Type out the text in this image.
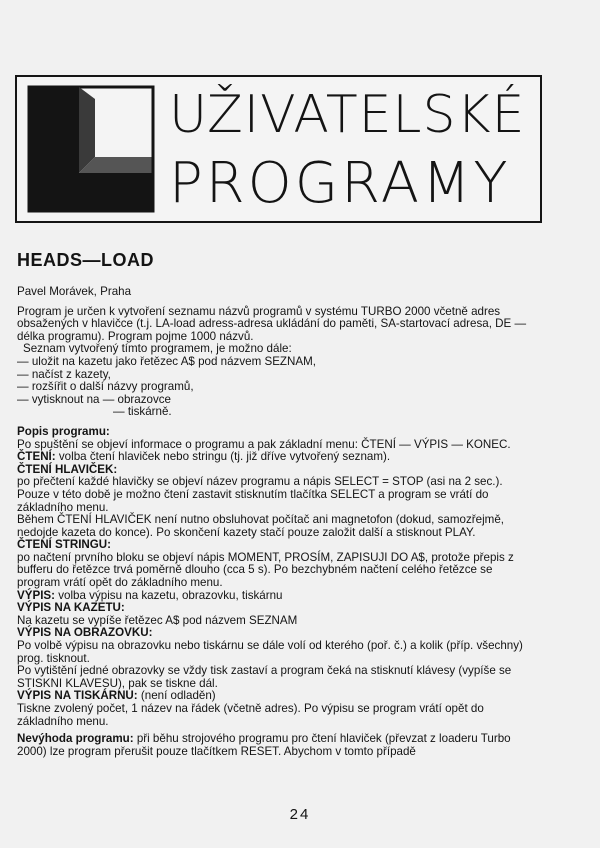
UŽIVATELSKÉ
PROGRAMY
HEADS—LOAD

Pavel Morávek, Praha

Program je určen k vytvoření seznamu názvů programů v systému TURBO 2000 včetně adres obsažených v hlavičce (t.j. LA-load adress-adresa ukládání do paměti, SA-startovací adresa, DE — délka programu). Program pojme 1000 názvů.

Seznam vytvořený tímto programem, je možno dále:

— uložit na kazetu jako řetězec A$ pod názvem SEZNAM,

— načíst z kazety,

— rozšířit o další názvy programů,

— vytisknout na — obrazovce

— tiskárně.

Popis programu:

Po spuštění se objeví informace o programu a pak základní menu: ČTENÍ — VÝPIS — KONEC.

ČTENÍ: volba čtení hlaviček nebo stringu (tj. již dříve vytvořený seznam).

ČTENÍ HLAVIČEK:

po přečtení každé hlavičky se objeví název programu a nápis SELECT = STOP (asi na 2 sec.). Pouze v této době je možno čtení zastavit stisknutím tlačítka SELECT a program se vrátí do základního menu.

Během ČTENÍ HLAVIČEK není nutno obsluhovat počítač ani magnetofon (dokud, samozřejmě, nedojde kazeta do konce). Po skončení kazety stačí pouze založit další a stisknout PLAY.

ČTENÍ STRINGU:

po načtení prvního bloku se objeví nápis MOMENT, PROSÍM, ZAPISUJI DO A$, protože přepis z bufferu do řetězce trvá poměrně dlouho (cca 5 s). Po bezchybném načtení celého řetězce se program vrátí opět do základního menu.

VÝPIS: volba výpisu na kazetu, obrazovku, tiskárnu

VÝPIS NA KAZETU:

Na kazetu se vypíše řetězec A$ pod názvem SEZNAM

VÝPIS NA OBRAZOVKU:

Po volbě výpisu na obrazovku nebo tiskárnu se dále volí od kterého (poř. č.) a kolik (příp. všechny) prog. tisknout.

Po vytištění jedné obrazovky se vždy tisk zastaví a program čeká na stisknutí klávesy (vypíše se STISKNI KLAVESU), pak se tiskne dál.

VÝPIS NA TISKÁRNU: (není odladěn)

Tiskne zvolený počet, 1 název na řádek (včetně adres). Po výpisu se program vrátí opět do základního menu.

Nevýhoda programu: při běhu strojového programu pro čtení hlaviček (převzat z loaderu Turbo 2000) lze program přerušit pouze tlačítkem RESET. Abychom v tomto případě

24
